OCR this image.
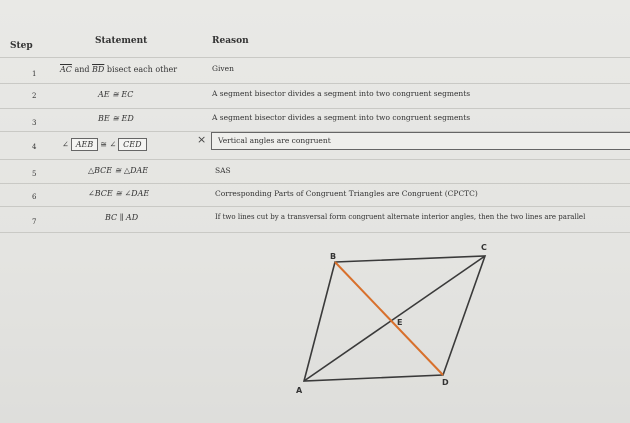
Step	Statement	Reason
1	$\overline{AC}$ and $\overline{BD}$ bisect each other	Given
2	AE ≅ EC	A segment bisector divides a segment into two congruent segments
3	BE ≅ ED	A segment bisector divides a segment into two congruent segments
4	∠ AEB ≅ ∠ CED	× Vertical angles are congruent
5	△BCE ≅ △DAE	SAS
6	∠BCE ≅ ∠DAE	Corresponding Parts of Congruent Triangles are Congruent (CPCTC)
7	BC ∥ AD	If two lines cut by a transversal form congruent alternate interior angles, then the two lines are parallel
B
C
E
D
A
